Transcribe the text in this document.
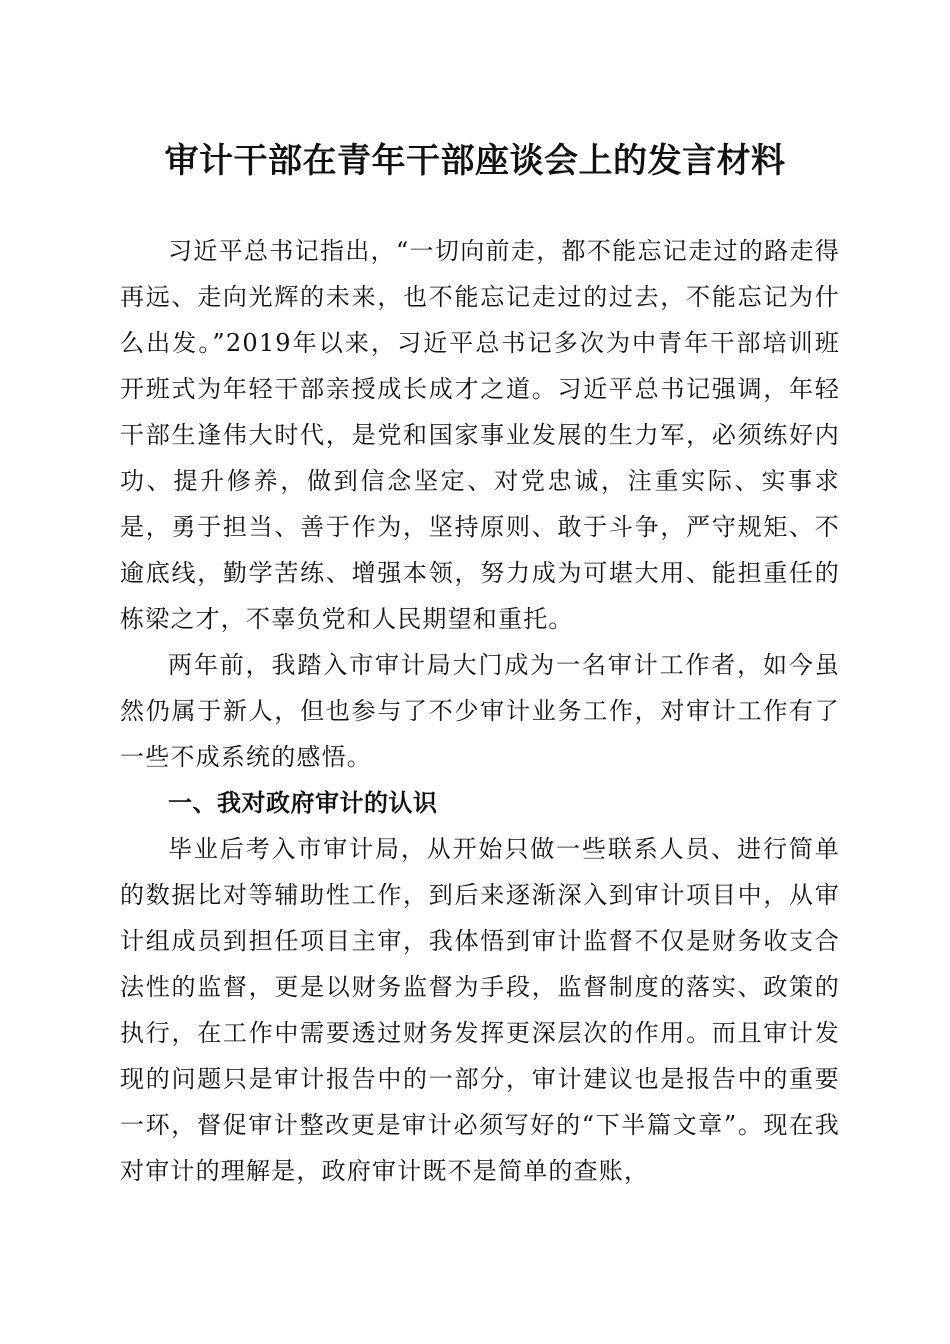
审计干部在青年干部座谈会上的发言材料

习近平总书记指出，“一切向前走，都不能忘记走过的路走得再远、走向光辉的未来，也不能忘记走过的过去，不能忘记为什么出发。”2019年以来，习近平总书记多次为中青年干部培训班开班式为年轻干部亲授成长成才之道。习近平总书记强调，年轻干部生逢伟大时代，是党和国家事业发展的生力军，必须练好内功、提升修养，做到信念坚定、对党忠诚，注重实际、实事求是，勇于担当、善于作为，坚持原则、敢于斗争，严守规矩、不逾底线，勤学苦练、增强本领，努力成为可堪大用、能担重任的栋梁之才，不辜负党和人民期望和重托。

两年前，我踏入市审计局大门成为一名审计工作者，如今虽然仍属于新人，但也参与了不少审计业务工作，对审计工作有了一些不成系统的感悟。

一、我对政府审计的认识

毕业后考入市审计局，从开始只做一些联系人员、进行简单的数据比对等辅助性工作，到后来逐渐深入到审计项目中，从审计组成员到担任项目主审，我体悟到审计监督不仅是财务收支合法性的监督，更是以财务监督为手段，监督制度的落实、政策的执行，在工作中需要透过财务发挥更深层次的作用。而且审计发现的问题只是审计报告中的一部分，审计建议也是报告中的重要一环，督促审计整改更是审计必须写好的“下半篇文章”。现在我对审计的理解是，政府审计既不是简单的查账，
